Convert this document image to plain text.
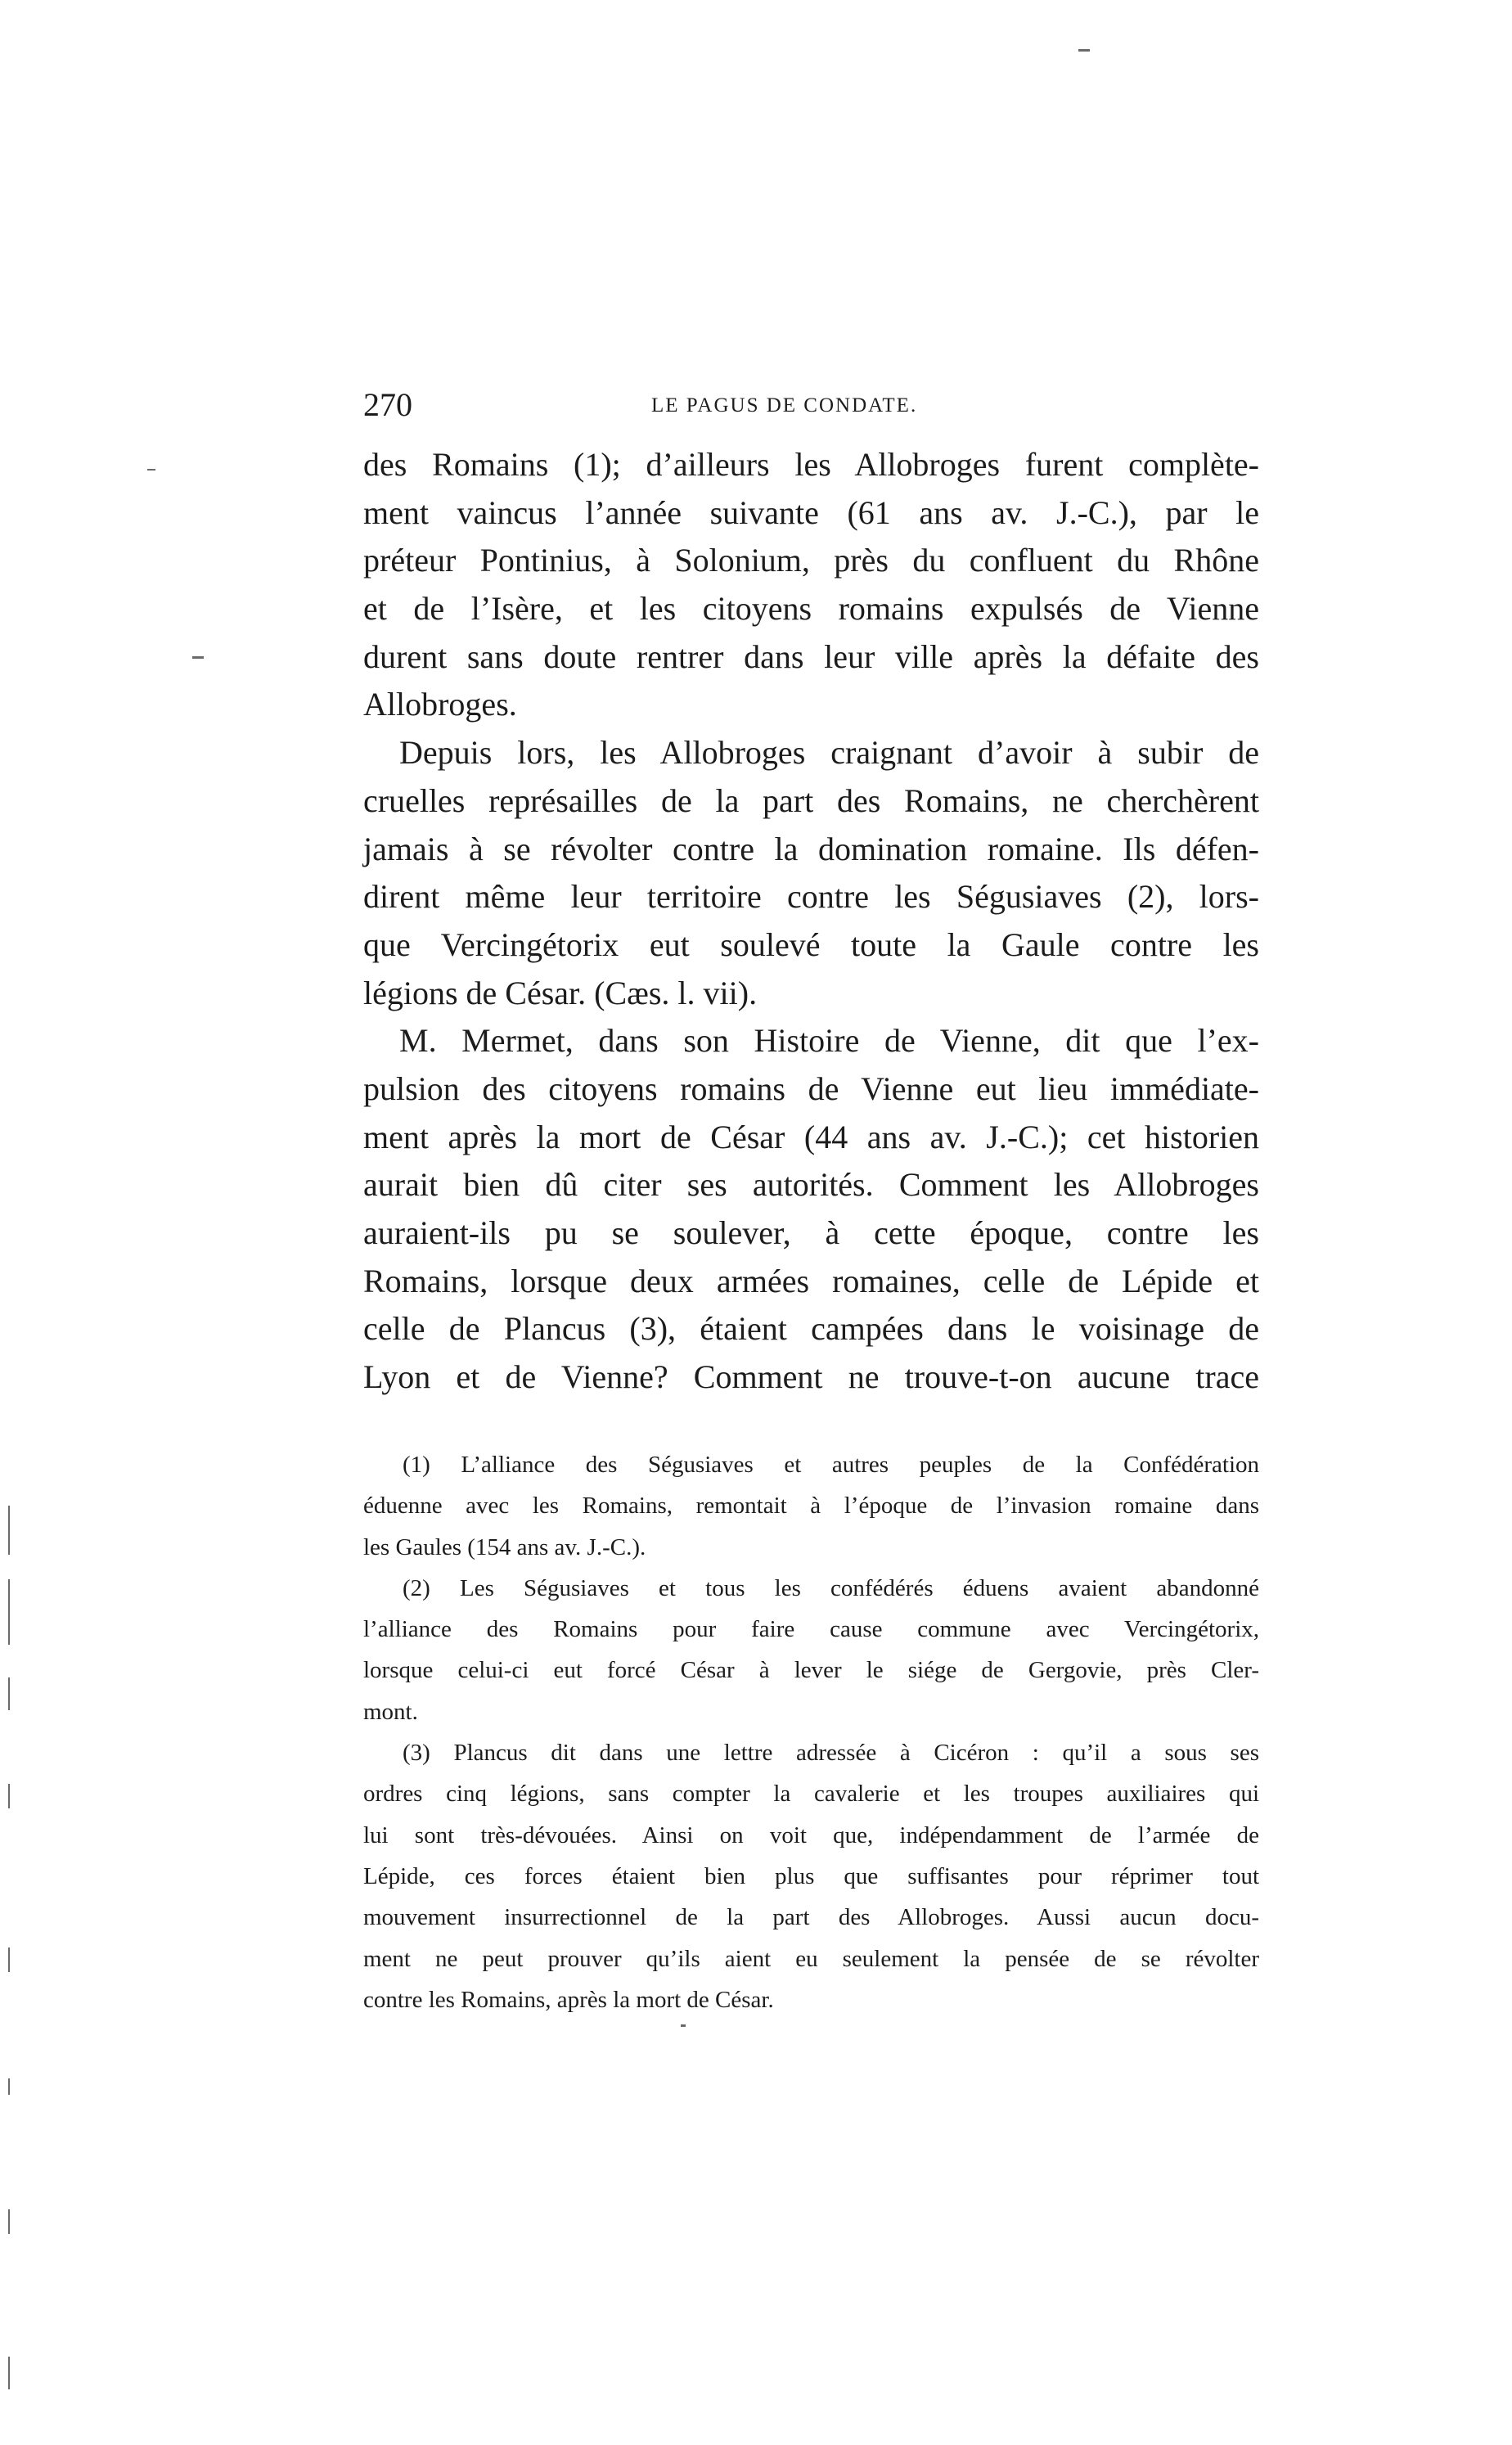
270	LE PAGUS DE CONDATE.
des Romains (1); d’ailleurs les Allobroges furent complète-
ment vaincus l’année suivante (61 ans av. J.-C.), par le
préteur Pontinius, à Solonium, près du confluent du Rhône
et de l’Isère, et les citoyens romains expulsés de Vienne
durent sans doute rentrer dans leur ville après la défaite des
Allobroges.
Depuis lors, les Allobroges craignant d’avoir à subir de
cruelles représailles de la part des Romains, ne cherchèrent
jamais à se révolter contre la domination romaine. Ils défen-
dirent même leur territoire contre les Ségusiaves (2), lors-
que Vercingétorix eut soulevé toute la Gaule contre les
légions de César. (Cæs. l. vii).
M. Mermet, dans son Histoire de Vienne, dit que l’ex-
pulsion des citoyens romains de Vienne eut lieu immédiate-
ment après la mort de César (44 ans av. J.-C.); cet historien
aurait bien dû citer ses autorités. Comment les Allobroges
auraient-ils pu se soulever, à cette époque, contre les
Romains, lorsque deux armées romaines, celle de Lépide et
celle de Plancus (3), étaient campées dans le voisinage de
Lyon et de Vienne? Comment ne trouve-t-on aucune trace
(1) L’alliance des Ségusiaves et autres peuples de la Confédération
éduenne avec les Romains, remontait à l’époque de l’invasion romaine dans
les Gaules (154 ans av. J.-C.).
(2) Les Ségusiaves et tous les confédérés éduens avaient abandonné
l’alliance des Romains pour faire cause commune avec Vercingétorix,
lorsque celui-ci eut forcé César à lever le siége de Gergovie, près Cler-
mont.
(3) Plancus dit dans une lettre adressée à Cicéron : qu’il a sous ses
ordres cinq légions, sans compter la cavalerie et les troupes auxiliaires qui
lui sont très-dévouées. Ainsi on voit que, indépendamment de l’armée de
Lépide, ces forces étaient bien plus que suffisantes pour réprimer tout
mouvement insurrectionnel de la part des Allobroges. Aussi aucun docu-
ment ne peut prouver qu’ils aient eu seulement la pensée de se révolter
contre les Romains, après la mort de César.
